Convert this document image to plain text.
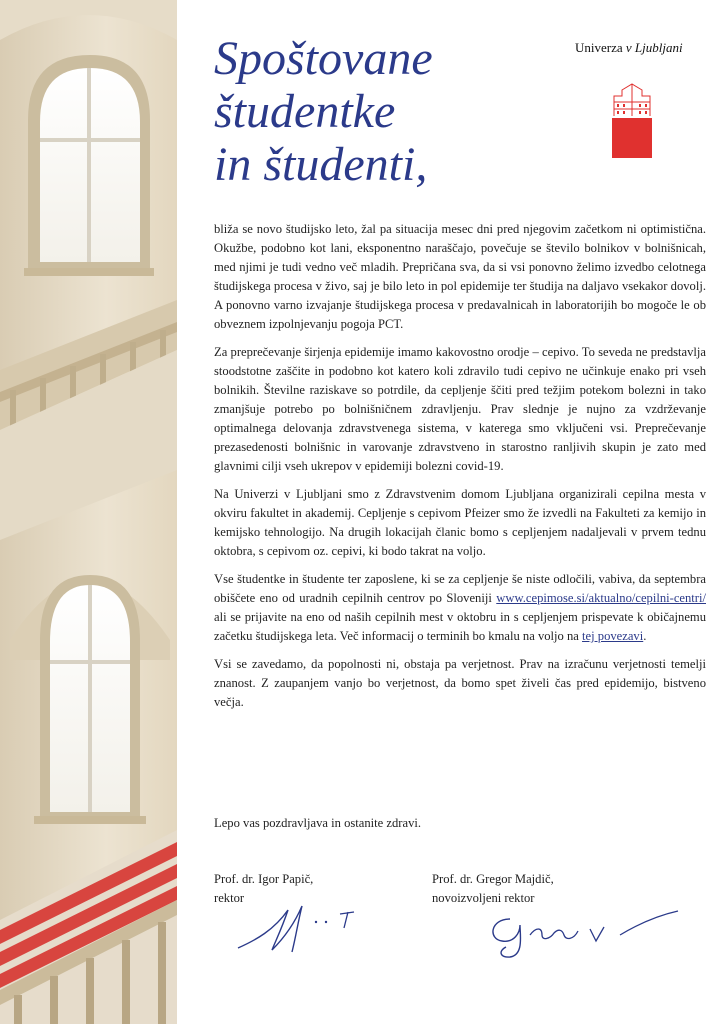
Spoštovane
študentke
in študenti,
Univerza v Ljubljani

bliža se novo študijsko leto, žal pa situacija mesec dni pred njegovim začetkom ni optimistična. Okužbe, podobno kot lani, eksponentno naraščajo, povečuje se število bolnikov v bolnišnicah, med njimi je tudi vedno več mladih. Prepričana sva, da si vsi ponovno želimo izvedbo celotnega študijskega procesa v živo, saj je bilo leto in pol epidemije ter študija na daljavo vsekakor dovolj. A ponovno varno izvajanje študijskega procesa v predavalnicah in laboratorijih bo mogoče le ob obveznem izpolnjevanju pogoja PCT.

Za preprečevanje širjenja epidemije imamo kakovostno orodje – cepivo. To seveda ne predstavlja stoodstotne zaščite in podobno kot katero koli zdravilo tudi cepivo ne učinkuje enako pri vseh bolnikih. Številne raziskave so potrdile, da cepljenje ščiti pred težjim potekom bolezni in tako zmanjšuje potrebo po bolnišničnem zdravljenju. Prav slednje je nujno za vzdrževanje optimalnega delovanja zdravstvenega sistema, v katerega smo vključeni vsi. Preprečevanje prezasedenosti bolnišnic in varovanje zdravstveno in starostno ranljivih skupin je zato med glavnimi cilji vseh ukrepov v epidemiji bolezni covid-19.

Na Univerzi v Ljubljani smo z Zdravstvenim domom Ljubljana organizirali cepilna mesta v okviru fakultet in akademij. Cepljenje s cepivom Pfeizer smo že izvedli na Fakulteti za kemijo in kemijsko tehnologijo. Na drugih lokacijah članic bomo s cepljenjem nadaljevali v prvem tednu oktobra, s cepivom oz. cepivi, ki bodo takrat na voljo.

Vse študentke in študente ter zaposlene, ki se za cepljenje še niste odločili, vabiva, da septembra obiščete eno od uradnih cepilnih centrov po Sloveniji www.cepimose.si/aktualno/cepilni-centri/ ali se prijavite na eno od naših cepilnih mest v oktobru in s cepljenjem prispevate k običajnemu začetku študijskega leta. Več informacij o terminih bo kmalu na voljo na tej povezavi.

Vsi se zavedamo, da popolnosti ni, obstaja pa verjetnost. Prav na izračunu verjetnosti temelji znanost. Z zaupanjem vanjo bo verjetnost, da bomo spet živeli čas pred epidemijo, bistveno večja.

Lepo vas pozdravljava in ostanite zdravi.
Prof. dr. Igor Papič,
rektor
Prof. dr. Gregor Majdič,
novoizvoljeni rektor
